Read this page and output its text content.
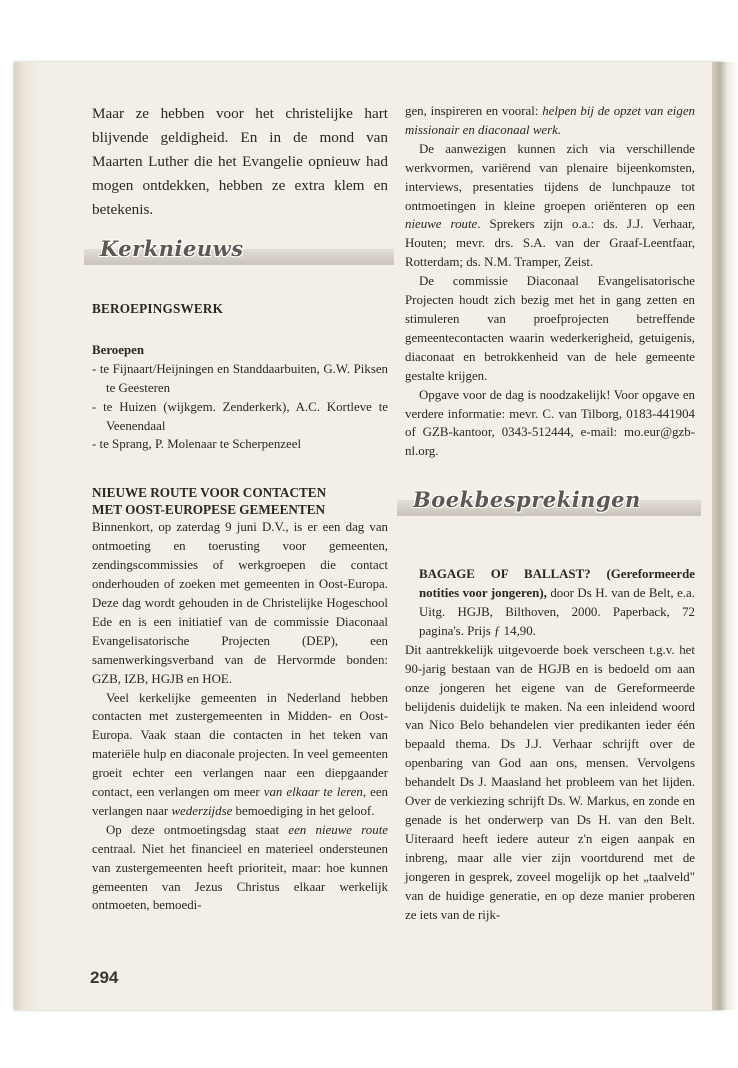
Maar ze hebben voor het christelijke hart blijvende geldigheid. En in de mond van Maarten Luther die het Evangelie opnieuw had mogen ontdekken, hebben ze extra klem en betekenis.

Kerknieuws

BEROEPINGSWERK

Beroepen

- te Fijnaart/Heijningen en Standdaarbuiten, G.W. Piksen te Geesteren
- te Huizen (wijkgem. Zenderkerk), A.C. Kortleve te Veenendaal
- te Sprang, P. Molenaar te Scherpenzeel

NIEUWE ROUTE VOOR CONTACTEN

MET OOST-EUROPESE GEMEENTEN

Binnenkort, op zaterdag 9 juni D.V., is er een dag van ontmoeting en toerusting voor gemeenten, zendingscommissies of werkgroepen die contact onderhouden of zoeken met gemeenten in Oost-Europa. Deze dag wordt gehouden in de Christelijke Hogeschool Ede en is een initiatief van de commissie Diaconaal Evangelisatorische Projecten (DEP), een samenwerkingsverband van de Hervormde bonden: GZB, IZB, HGJB en HOE.

Veel kerkelijke gemeenten in Nederland hebben contacten met zustergemeenten in Midden- en Oost-Europa. Vaak staan die contacten in het teken van materiële hulp en diaconale projecten. In veel gemeenten groeit echter een verlangen naar een diepgaander contact, een verlangen om meer van elkaar te leren, een verlangen naar wederzijdse bemoediging in het geloof.

Op deze ontmoetingsdag staat een nieuwe route centraal. Niet het financieel en materieel ondersteunen van zustergemeenten heeft prioriteit, maar: hoe kunnen gemeenten van Jezus Christus elkaar werkelijk ontmoeten, bemoedi-

gen, inspireren en vooral: helpen bij de opzet van eigen missionair en diaconaal werk.

De aanwezigen kunnen zich via verschillende werkvormen, variërend van plenaire bijeenkomsten, interviews, presentaties tijdens de lunchpauze tot ontmoetingen in kleine groepen oriënteren op een nieuwe route. Sprekers zijn o.a.: ds. J.J. Verhaar, Houten; mevr. drs. S.A. van der Graaf-Leentfaar, Rotterdam; ds. N.M. Tramper, Zeist.

De commissie Diaconaal Evangelisatorische Projecten houdt zich bezig met het in gang zetten en stimuleren van proefprojecten betreffende gemeentecontacten waarin wederkerigheid, getuigenis, diaconaat en betrokkenheid van de hele gemeente gestalte krijgen.

Opgave voor de dag is noodzakelijk! Voor opgave en verdere informatie: mevr. C. van Tilborg, 0183-441904 of GZB-kantoor, 0343-512444, e-mail: mo.eur@gzb-nl.org.

Boekbesprekingen

BAGAGE OF BALLAST? (Gereformeerde notities voor jongeren), door Ds H. van de Belt, e.a. Uitg. HGJB, Bilthoven, 2000. Paperback, 72 pagina's. Prijs ƒ 14,90.

Dit aantrekkelijk uitgevoerde boek verscheen t.g.v. het 90-jarig bestaan van de HGJB en is bedoeld om aan onze jongeren het eigene van de Gereformeerde belijdenis duidelijk te maken. Na een inleidend woord van Nico Belo behandelen vier predikanten ieder één bepaald thema. Ds J.J. Verhaar schrijft over de openbaring van God aan ons, mensen. Vervolgens behandelt Ds J. Maasland het probleem van het lijden. Over de verkiezing schrijft Ds. W. Markus, en zonde en genade is het onderwerp van Ds H. van den Belt. Uiteraard heeft iedere auteur z'n eigen aanpak en inbreng, maar alle vier zijn voortdurend met de jongeren in gesprek, zoveel mogelijk op het „taalveld" van de huidige generatie, en op deze manier proberen ze iets van de rijk-

294
